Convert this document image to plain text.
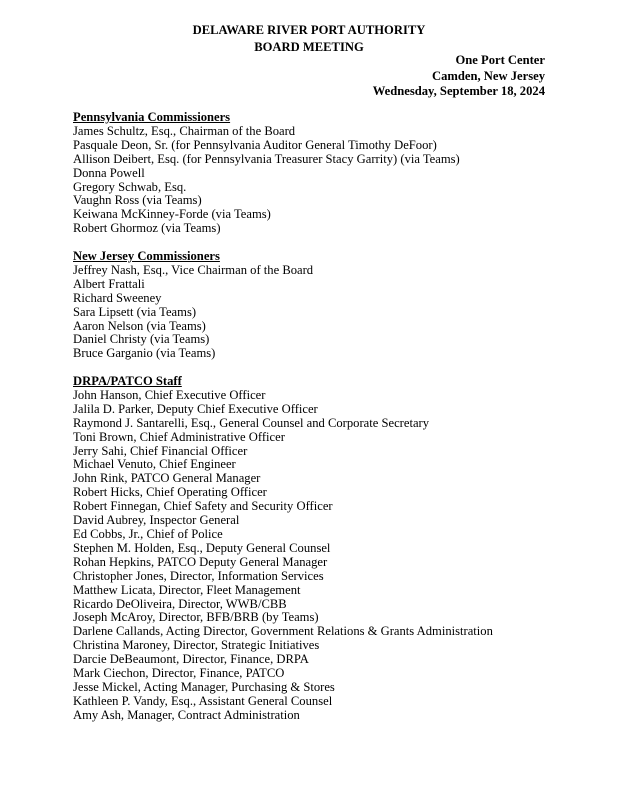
DELAWARE RIVER PORT AUTHORITY
BOARD MEETING
One Port Center
Camden, New Jersey
Wednesday, September 18, 2024
Pennsylvania Commissioners
James Schultz, Esq., Chairman of the Board
Pasquale Deon, Sr. (for Pennsylvania Auditor General Timothy DeFoor)
Allison Deibert, Esq. (for Pennsylvania Treasurer Stacy Garrity) (via Teams)
Donna Powell
Gregory Schwab, Esq.
Vaughn Ross (via Teams)
Keiwana McKinney-Forde (via Teams)
Robert Ghormoz (via Teams)
New Jersey Commissioners
Jeffrey Nash, Esq., Vice Chairman of the Board
Albert Frattali
Richard Sweeney
Sara Lipsett (via Teams)
Aaron Nelson (via Teams)
Daniel Christy (via Teams)
Bruce Garganio (via Teams)
DRPA/PATCO Staff
John Hanson, Chief Executive Officer
Jalila D. Parker, Deputy Chief Executive Officer
Raymond J. Santarelli, Esq., General Counsel and Corporate Secretary
Toni Brown, Chief Administrative Officer
Jerry Sahi, Chief Financial Officer
Michael Venuto, Chief Engineer
John Rink, PATCO General Manager
Robert Hicks, Chief Operating Officer
Robert Finnegan, Chief Safety and Security Officer
David Aubrey, Inspector General
Ed Cobbs, Jr., Chief of Police
Stephen M. Holden, Esq., Deputy General Counsel
Rohan Hepkins, PATCO Deputy General Manager
Christopher Jones, Director, Information Services
Matthew Licata, Director, Fleet Management
Ricardo DeOliveira, Director, WWB/CBB
Joseph McAroy, Director, BFB/BRB (by Teams)
Darlene Callands, Acting Director, Government Relations & Grants Administration
Christina Maroney, Director, Strategic Initiatives
Darcie DeBeaumont, Director, Finance, DRPA
Mark Ciechon, Director, Finance, PATCO
Jesse Mickel, Acting Manager, Purchasing & Stores
Kathleen P. Vandy, Esq., Assistant General Counsel
Amy Ash, Manager, Contract Administration
